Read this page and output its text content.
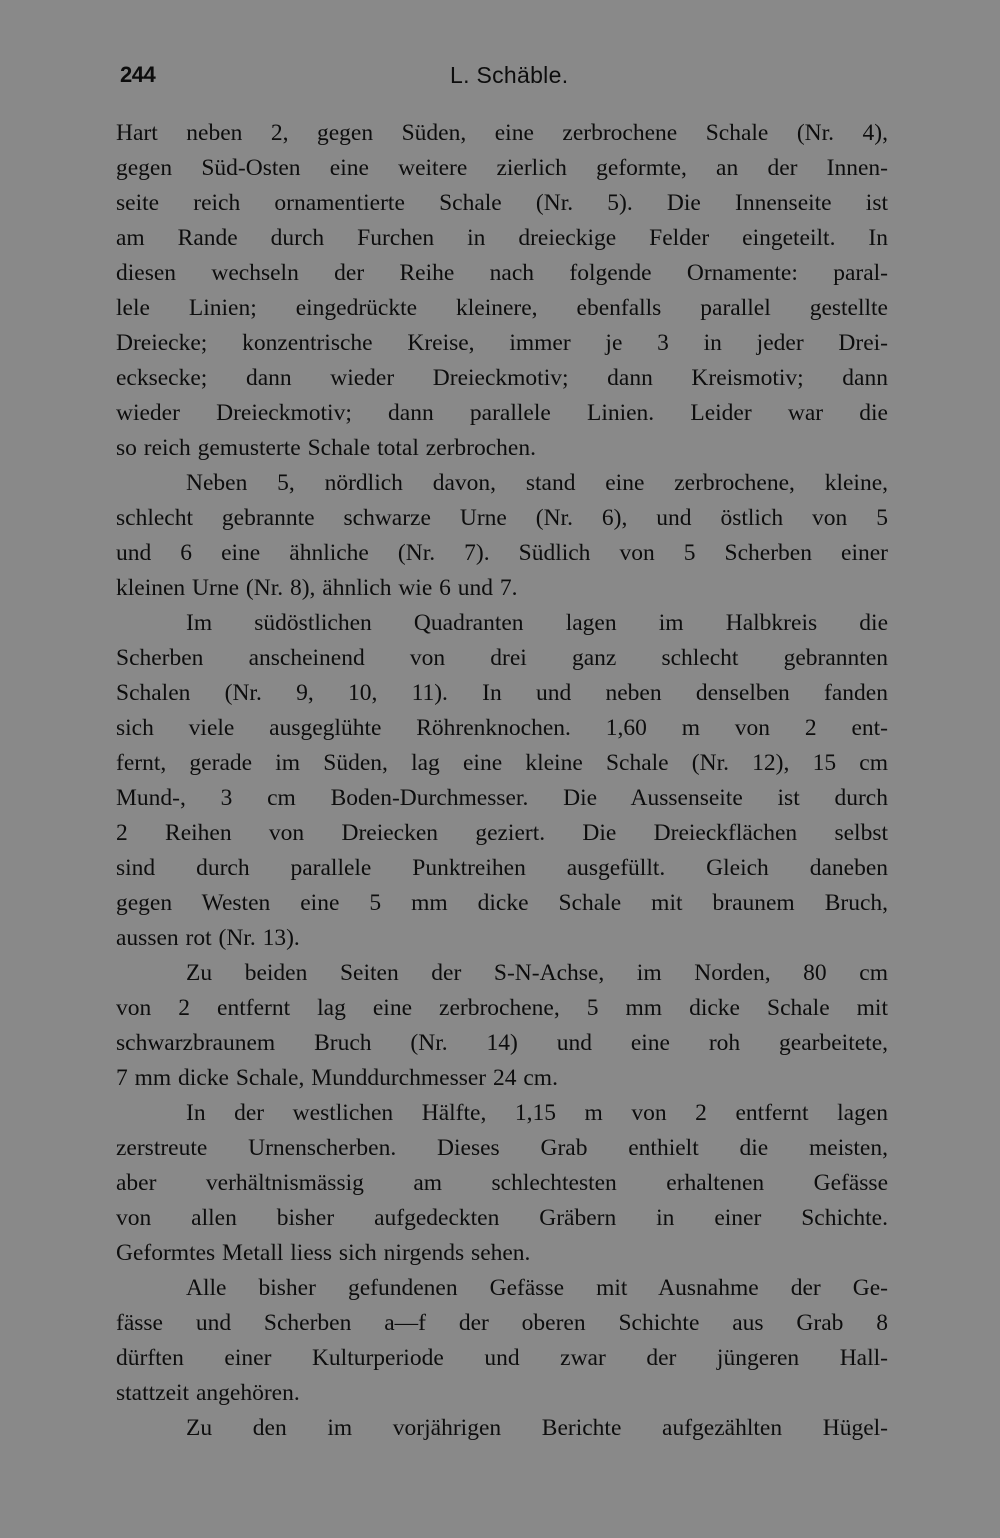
244	L. Schäble.
Hart neben 2, gegen Süden, eine zerbrochene Schale (Nr. 4),
gegen Süd-Osten eine weitere zierlich geformte, an der Innen-
seite reich ornamentierte Schale (Nr. 5). Die Innenseite ist
am Rande durch Furchen in dreieckige Felder eingeteilt. In
diesen wechseln der Reihe nach folgende Ornamente: paral-
lele Linien; eingedrückte kleinere, ebenfalls parallel gestellte
Dreiecke; konzentrische Kreise, immer je 3 in jeder Drei-
ecksecke; dann wieder Dreieckmotiv; dann Kreismotiv; dann
wieder Dreieckmotiv; dann parallele Linien. Leider war die
so reich gemusterte Schale total zerbrochen.
Neben 5, nördlich davon, stand eine zerbrochene, kleine,
schlecht gebrannte schwarze Urne (Nr. 6), und östlich von 5
und 6 eine ähnliche (Nr. 7). Südlich von 5 Scherben einer
kleinen Urne (Nr. 8), ähnlich wie 6 und 7.
Im südöstlichen Quadranten lagen im Halbkreis die
Scherben anscheinend von drei ganz schlecht gebrannten
Schalen (Nr. 9, 10, 11). In und neben denselben fanden
sich viele ausgeglühte Röhrenknochen. 1,60 m von 2 ent-
fernt, gerade im Süden, lag eine kleine Schale (Nr. 12), 15 cm
Mund-, 3 cm Boden-Durchmesser. Die Aussenseite ist durch
2 Reihen von Dreiecken geziert. Die Dreieckflächen selbst
sind durch parallele Punktreihen ausgefüllt. Gleich daneben
gegen Westen eine 5 mm dicke Schale mit braunem Bruch,
aussen rot (Nr. 13).
Zu beiden Seiten der S-N-Achse, im Norden, 80 cm
von 2 entfernt lag eine zerbrochene, 5 mm dicke Schale mit
schwarzbraunem Bruch (Nr. 14) und eine roh gearbeitete,
7 mm dicke Schale, Munddurchmesser 24 cm.
In der westlichen Hälfte, 1,15 m von 2 entfernt lagen
zerstreute Urnenscherben. Dieses Grab enthielt die meisten,
aber verhältnismässig am schlechtesten erhaltenen Gefässe
von allen bisher aufgedeckten Gräbern in einer Schichte.
Geformtes Metall liess sich nirgends sehen.
Alle bisher gefundenen Gefässe mit Ausnahme der Ge-
fässe und Scherben a—f der oberen Schichte aus Grab 8
dürften einer Kulturperiode und zwar der jüngeren Hall-
stattzeit angehören.
Zu den im vorjährigen Berichte aufgezählten Hügel-
